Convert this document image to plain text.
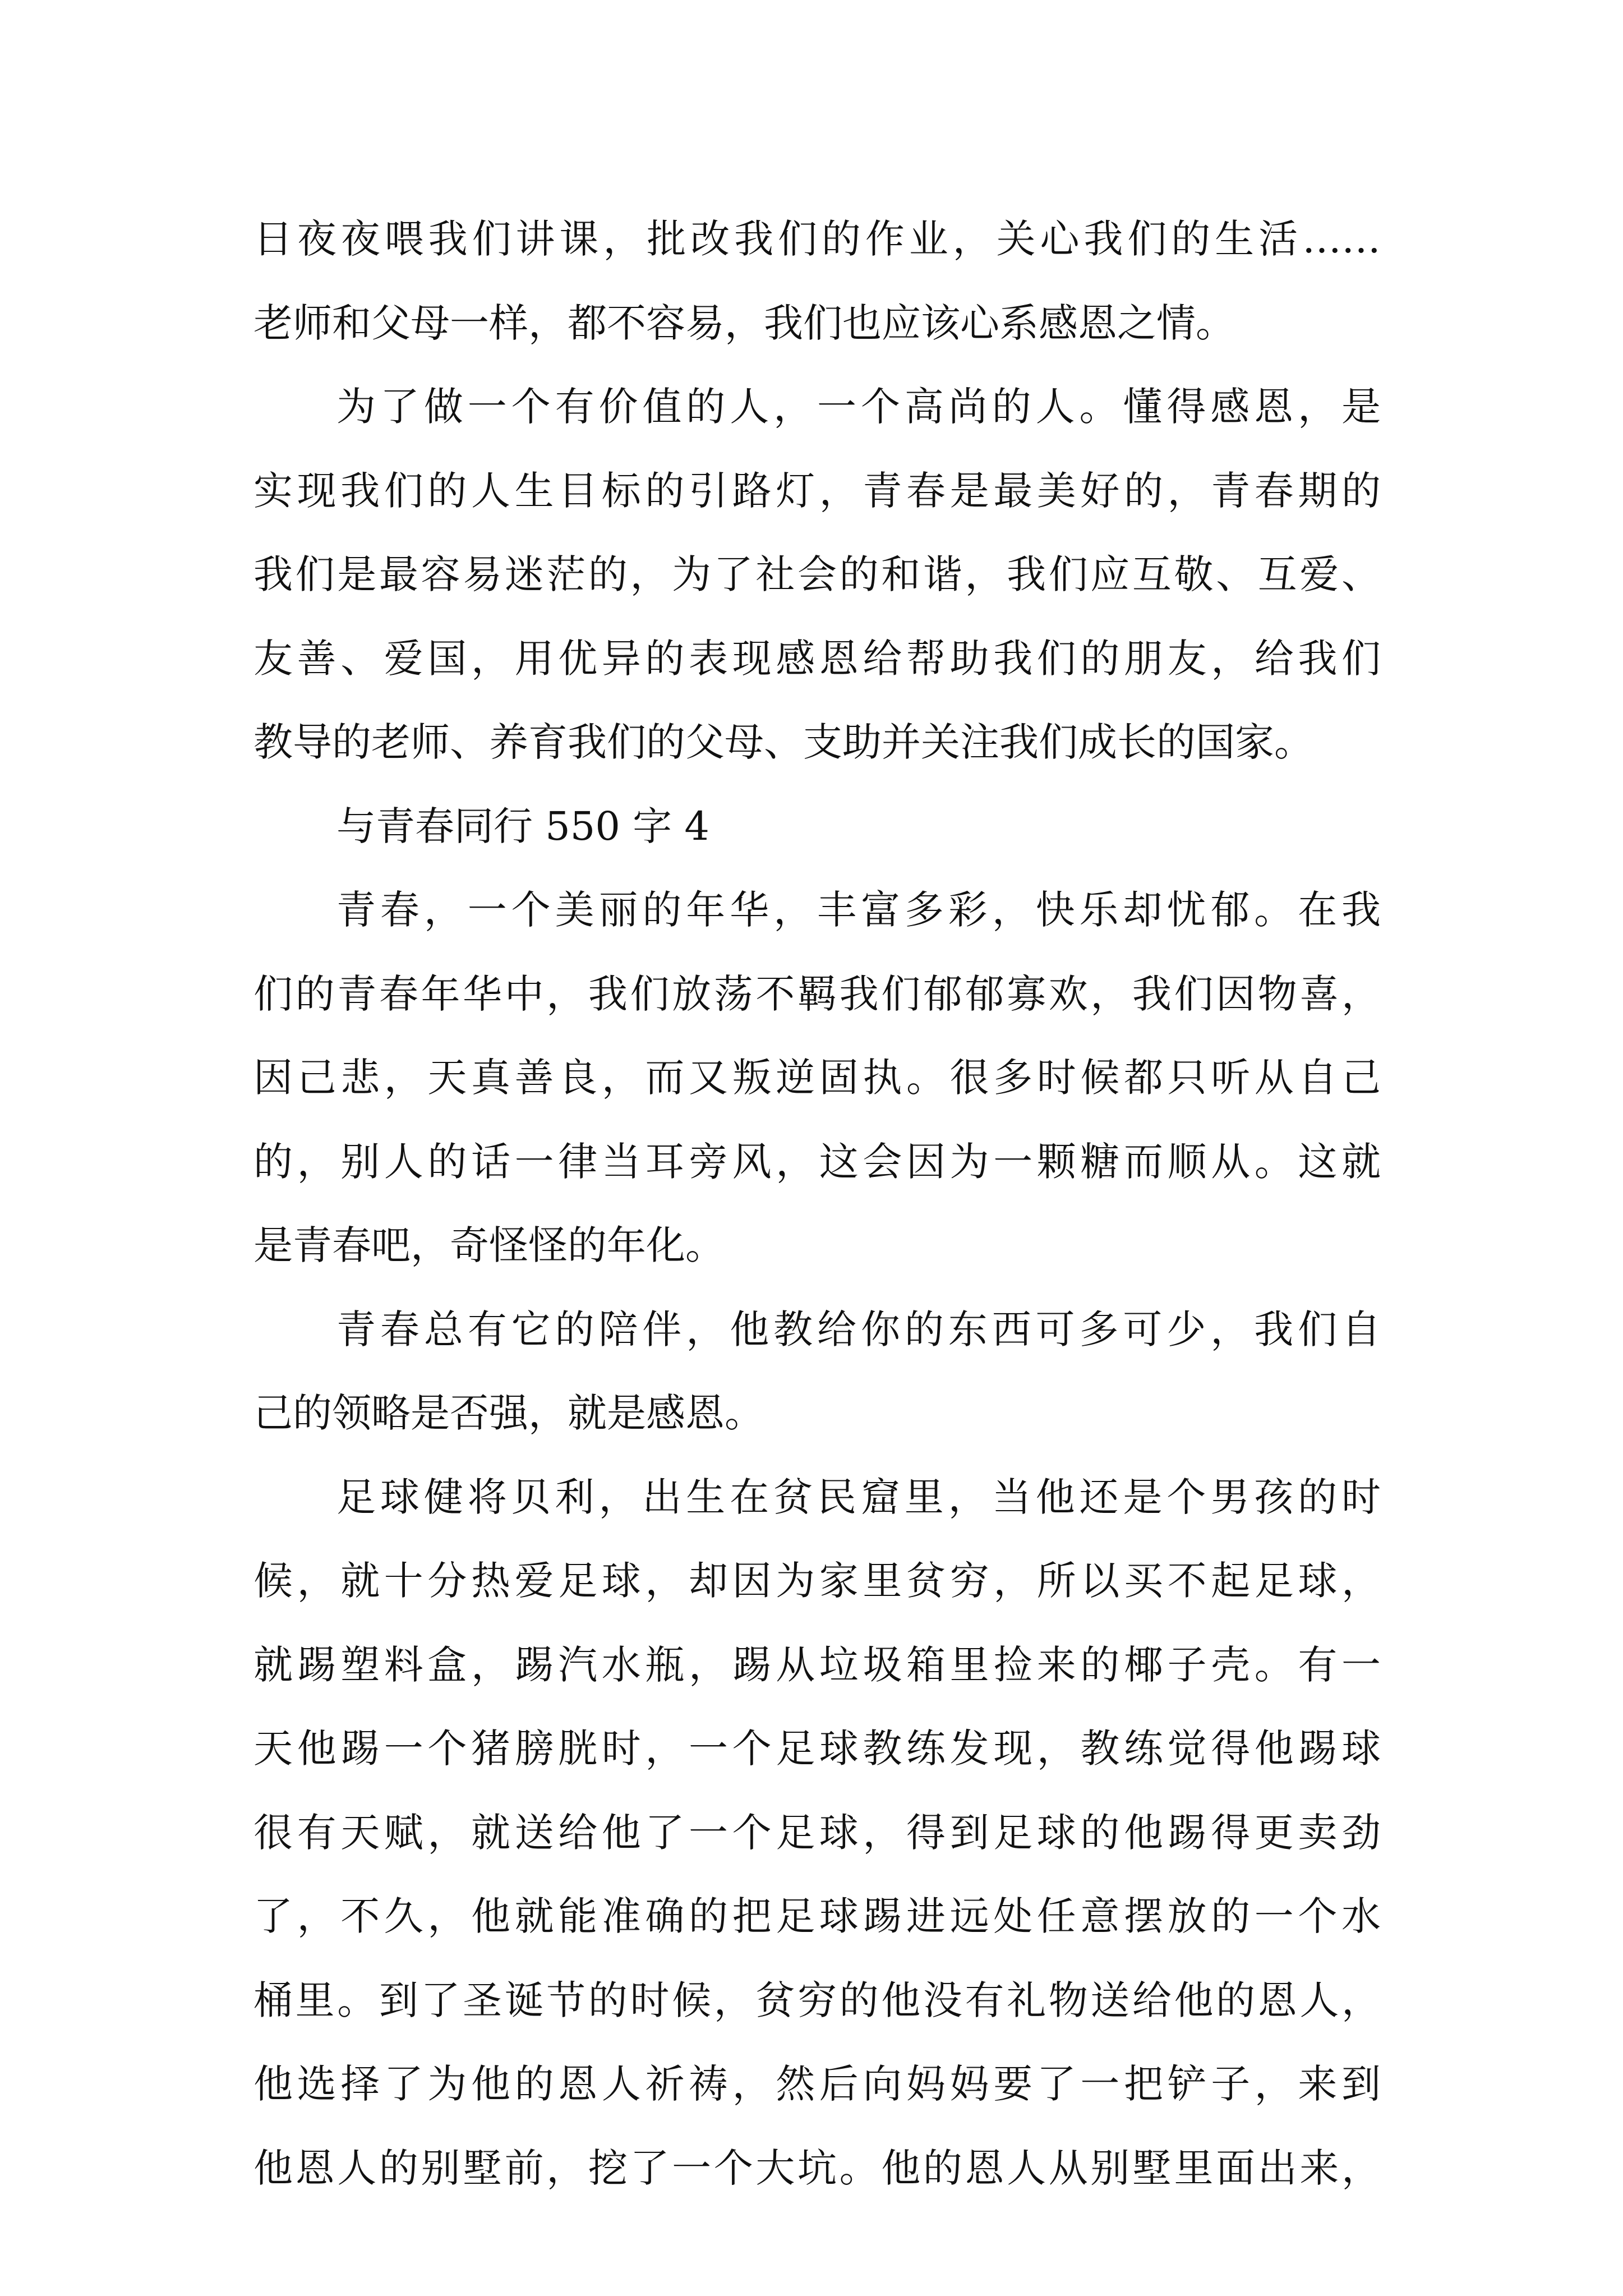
日夜夜喂我们讲课，批改我们的作业，关心我们的生活……
老师和父母一样，都不容易，我们也应该心系感恩之情。
为了做一个有价值的人，一个高尚的人。懂得感恩，是
实现我们的人生目标的引路灯，青春是最美好的，青春期的
我们是最容易迷茫的，为了社会的和谐，我们应互敬、互爱、
友善、爱国，用优异的表现感恩给帮助我们的朋友，给我们
教导的老师、养育我们的父母、支助并关注我们成长的国家。
与青春同行 550 字 4
青春，一个美丽的年华，丰富多彩，快乐却忧郁。在我
们的青春年华中，我们放荡不羁我们郁郁寡欢，我们因物喜，
因己悲，天真善良，而又叛逆固执。很多时候都只听从自己
的，别人的话一律当耳旁风，这会因为一颗糖而顺从。这就
是青春吧，奇怪怪的年化。
青春总有它的陪伴，他教给你的东西可多可少，我们自
己的领略是否强，就是感恩。
足球健将贝利，出生在贫民窟里，当他还是个男孩的时
候，就十分热爱足球，却因为家里贫穷，所以买不起足球，
就踢塑料盒，踢汽水瓶，踢从垃圾箱里捡来的椰子壳。有一
天他踢一个猪膀胱时，一个足球教练发现，教练觉得他踢球
很有天赋，就送给他了一个足球，得到足球的他踢得更卖劲
了，不久，他就能准确的把足球踢进远处任意摆放的一个水
桶里。到了圣诞节的时候，贫穷的他没有礼物送给他的恩人，
他选择了为他的恩人祈祷，然后向妈妈要了一把铲子，来到
他恩人的别墅前，挖了一个大坑。他的恩人从别墅里面出来，
